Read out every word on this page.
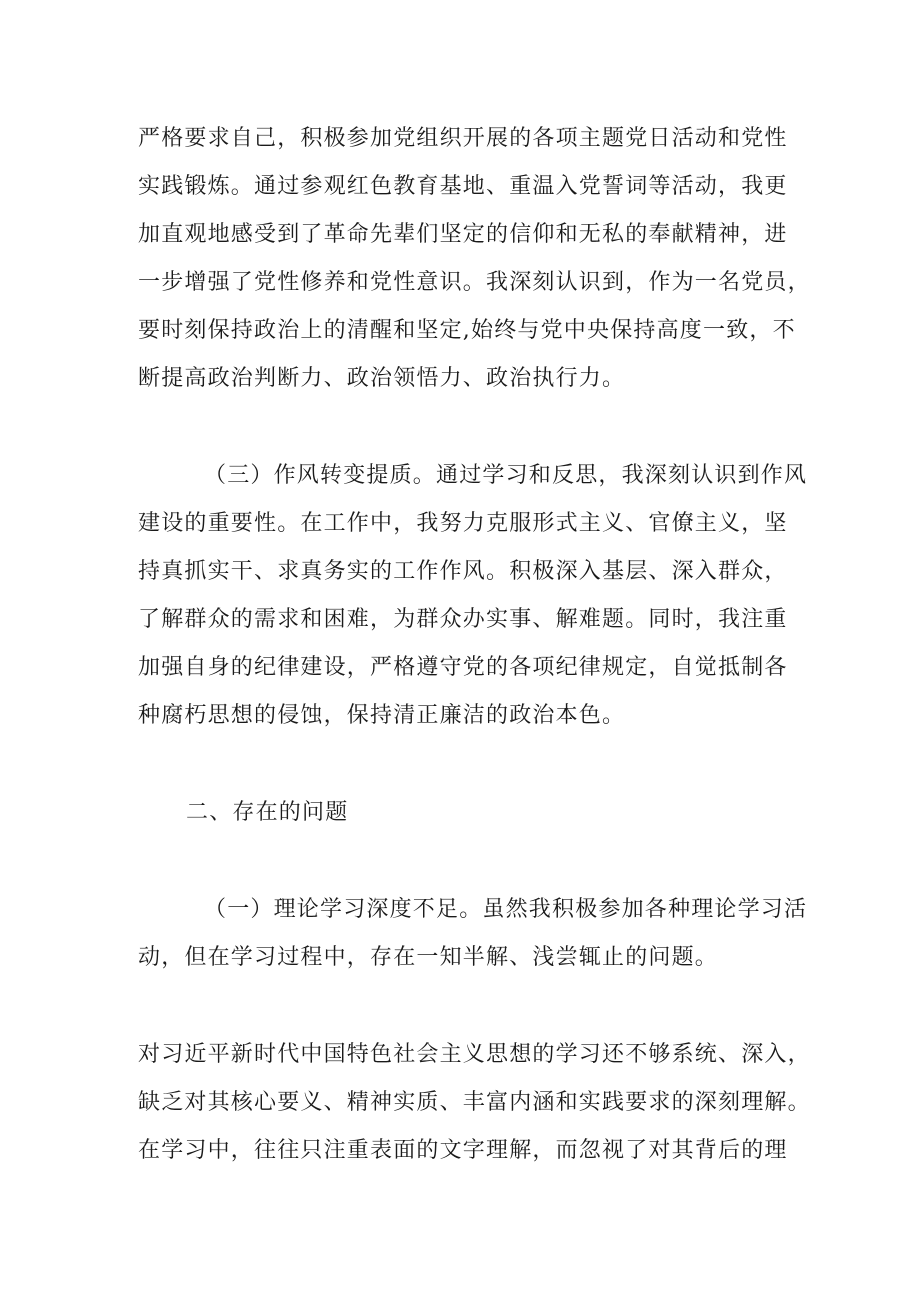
严格要求自己，积极参加党组织开展的各项主题党日活动和党性
实践锻炼。通过参观红色教育基地、重温入党誓词等活动，我更
加直观地感受到了革命先辈们坚定的信仰和无私的奉献精神，进
一步增强了党性修养和党性意识。我深刻认识到，作为一名党员，
要时刻保持政治上的清醒和坚定,始终与党中央保持高度一致，不
断提高政治判断力、政治领悟力、政治执行力。
（三）作风转变提质。通过学习和反思，我深刻认识到作风
建设的重要性。在工作中，我努力克服形式主义、官僚主义，坚
持真抓实干、求真务实的工作作风。积极深入基层、深入群众，
了解群众的需求和困难，为群众办实事、解难题。同时，我注重
加强自身的纪律建设，严格遵守党的各项纪律规定，自觉抵制各
种腐朽思想的侵蚀，保持清正廉洁的政治本色。
二、存在的问题
（一）理论学习深度不足。虽然我积极参加各种理论学习活
动，但在学习过程中，存在一知半解、浅尝辄止的问题。
对习近平新时代中国特色社会主义思想的学习还不够系统、深入，
缺乏对其核心要义、精神实质、丰富内涵和实践要求的深刻理解。
在学习中，往往只注重表面的文字理解，而忽视了对其背后的理
